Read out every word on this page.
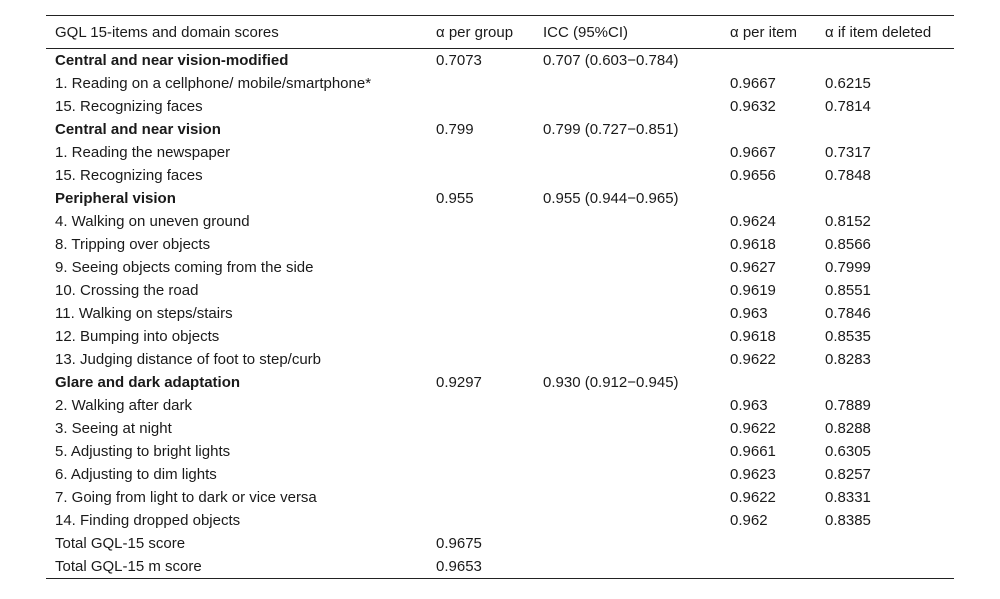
GQL 15-items and domain scores	α per group	ICC (95%CI)	α per item	α if item deleted
Central and near vision-modified	0.7073	0.707 (0.603−0.784)		
1. Reading on a cellphone/ mobile/smartphone*			0.9667	0.6215
15. Recognizing faces			0.9632	0.7814
Central and near vision	0.799	0.799 (0.727−0.851)		
1. Reading the newspaper			0.9667	0.7317
15. Recognizing faces			0.9656	0.7848
Peripheral vision	0.955	0.955 (0.944−0.965)		
4. Walking on uneven ground			0.9624	0.8152
8. Tripping over objects			0.9618	0.8566
9. Seeing objects coming from the side			0.9627	0.7999
10. Crossing the road			0.9619	0.8551
11. Walking on steps/stairs			0.963	0.7846
12. Bumping into objects			0.9618	0.8535
13. Judging distance of foot to step/curb			0.9622	0.8283
Glare and dark adaptation	0.9297	0.930 (0.912−0.945)		
2. Walking after dark			0.963	0.7889
3. Seeing at night			0.9622	0.8288
5. Adjusting to bright lights			0.9661	0.6305
6. Adjusting to dim lights			0.9623	0.8257
7. Going from light to dark or vice versa			0.9622	0.8331
14. Finding dropped objects			0.962	0.8385
Total GQL-15 score	0.9675			
Total GQL-15 m score	0.9653			
